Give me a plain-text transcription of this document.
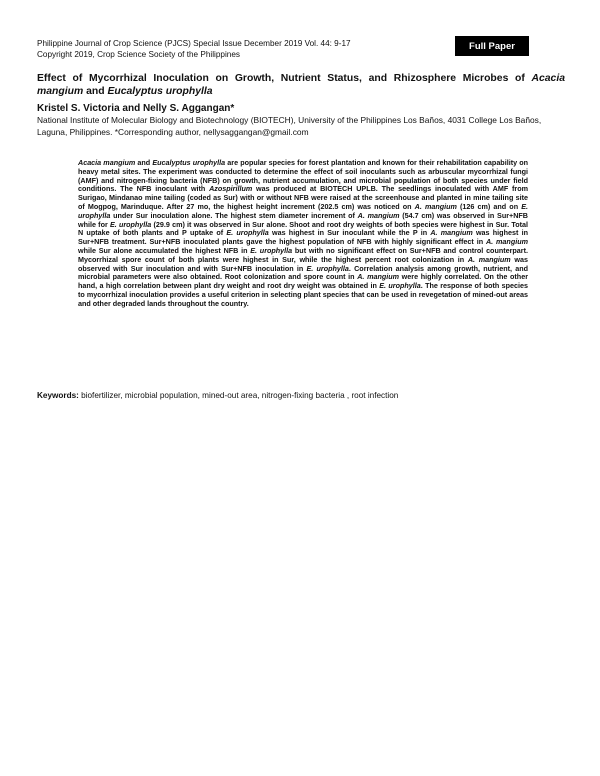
Philippine Journal of Crop Science (PJCS) Special Issue December 2019 Vol. 44: 9-17
Copyright 2019, Crop Science Society of the Philippines
Full Paper
Effect of Mycorrhizal Inoculation on Growth, Nutrient Status, and Rhizosphere Microbes of Acacia mangium and Eucalyptus urophylla

Kristel S. Victoria and Nelly S. Aggangan*

National Institute of Molecular Biology and Biotechnology (BIOTECH), University of the Philippines Los Baños, 4031 College Los Baños, Laguna, Philippines. *Corresponding author, nellysaggangan@gmail.com

Acacia mangium and Eucalyptus urophylla are popular species for forest plantation and known for their rehabilitation capability on heavy metal sites. The experiment was conducted to determine the effect of soil inoculants such as arbuscular mycorrhizal fungi (AMF) and nitrogen-fixing bacteria (NFB) on growth, nutrient accumulation, and microbial population of both species under field conditions. The NFB inoculant with Azospirillum was produced at BIOTECH UPLB. The seedlings inoculated with AMF from Surigao, Mindanao mine tailing (coded as Sur) with or without NFB were raised at the screenhouse and planted in mine tailing site of Mogpog, Marinduque. After 27 mo, the highest height increment (202.5 cm) was noticed on A. mangium (126 cm) and on E. urophylla under Sur inoculation alone. The highest stem diameter increment of A. mangium (54.7 cm) was observed in Sur+NFB while for E. urophylla (29.9 cm) it was observed in Sur alone. Shoot and root dry weights of both species were highest in Sur. Total N uptake of both plants and P uptake of E. urophylla was highest in Sur inoculant while the P in A. mangium was highest in Sur+NFB treatment. Sur+NFB inoculated plants gave the highest population of NFB with highly significant effect in A. mangium while Sur alone accumulated the highest NFB in E. urophylla but with no significant effect on Sur+NFB and control counterpart. Mycorrhizal spore count of both plants were highest in Sur, while the highest percent root colonization in A. mangium was observed with Sur inoculation and with Sur+NFB inoculation in E. urophylla. Correlation analysis among growth, nutrient, and microbial parameters were also obtained. Root colonization and spore count in A. mangium were highly correlated. On the other hand, a high correlation between plant dry weight and root dry weight was obtained in E. urophylla. The response of both species to mycorrhizal inoculation provides a useful criterion in selecting plant species that can be used in revegetation of mined-out areas and other degraded lands throughout the country.

Keywords: biofertilizer, microbial population, mined-out area, nitrogen-fixing bacteria , root infection
